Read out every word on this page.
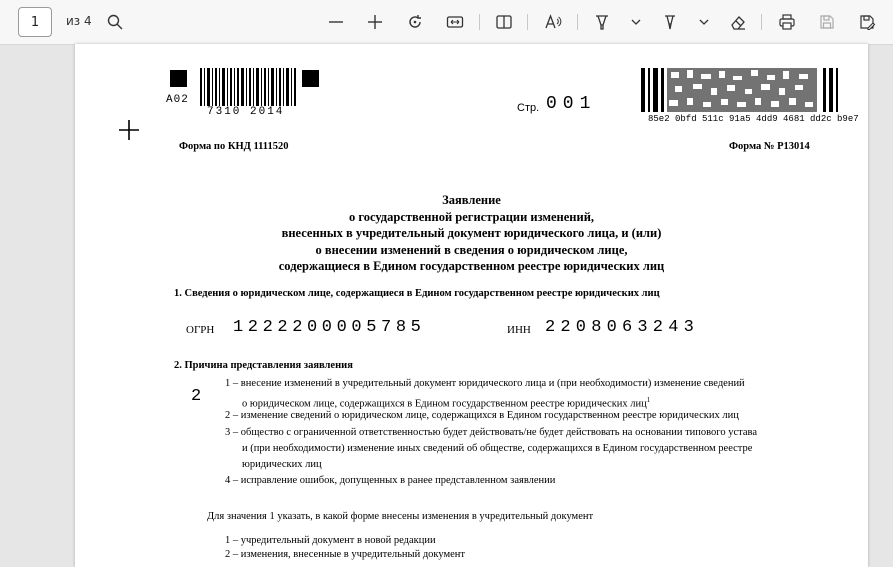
1	из 4
A02
7310 2014	Стр. 001
85e2 0bfd 511c 91a5 4dd9 4681 dd2c b9e7
Форма по КНД 1111520	Форма № Р13014
Заявление
о государственной регистрации изменений,
внесенных в учредительный документ юридического лица, и (или)
о внесении изменений в сведения о юридическом лице,
содержащиеся в Едином государственном реестре юридических лиц
1. Сведения о юридическом лице, содержащиеся в Едином государственном реестре юридических лиц
ОГРН 1222200005785	ИНН 2208063243
2. Причина представления заявления
2
1 – внесение изменений в учредительный документ юридического лица и (при необходимости) изменение сведений
о юридическом лице, содержащихся в Едином государственном реестре юридических лиц$^1$
2 – изменение сведений о юридическом лице, содержащихся в Едином государственном реестре юридических лиц
3 – общество с ограниченной ответственностью будет действовать/не будет действовать на основании типового устава
и (при необходимости) изменение иных сведений об обществе, содержащихся в Едином государственном реестре
юридических лиц
4 – исправление ошибок, допущенных в ранее представленном заявлении
Для значения 1 указать, в какой форме внесены изменения в учредительный документ
1 – учредительный документ в новой редакции
2 – изменения, внесенные в учредительный документ
